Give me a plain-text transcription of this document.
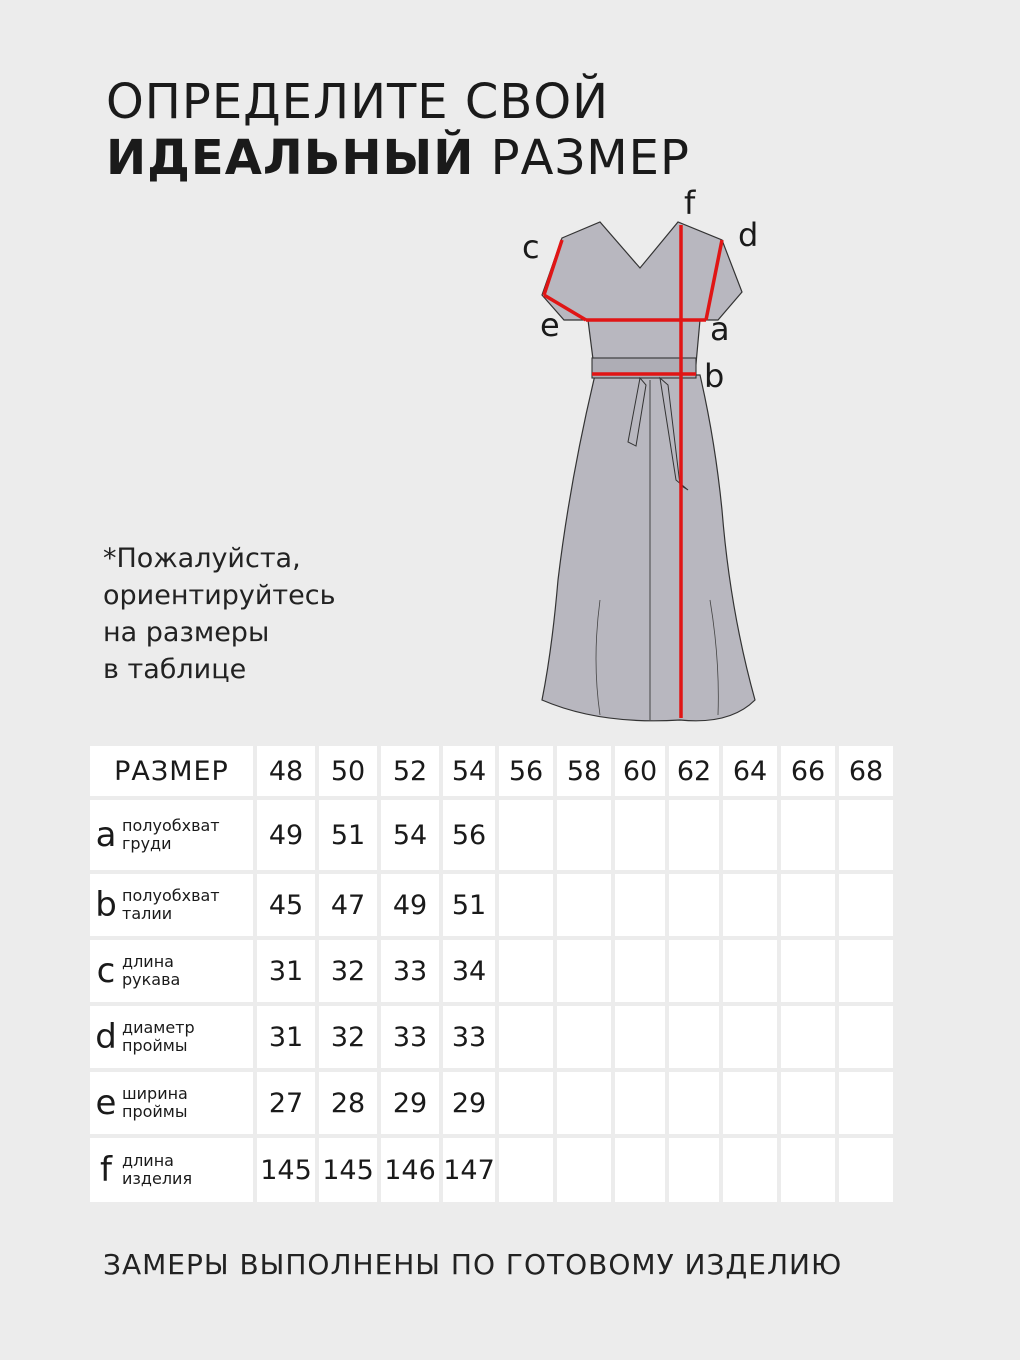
ОПРЕДЕЛИТЕ СВОЙ
ИДЕАЛЬНЫЙ РАЗМЕР
*Пожалуйста,
ориентируйтесь
на размеры
в таблице
f
c	d
e	a
b
РАЗМЕР	48	50	52	54	56	58	60	62	64	66	68

a полуобхват
груди	49	51	54	56							

b полуобхват
талии	45	47	49	51							

c длина
рукава	31	32	33	34							

d диаметр
проймы	31	32	33	33							

e ширина
проймы	27	28	29	29							

f длина
изделия	145	145	146	147							
ЗАМЕРЫ ВЫПОЛНЕНЫ ПО ГОТОВОМУ ИЗДЕЛИЮ
